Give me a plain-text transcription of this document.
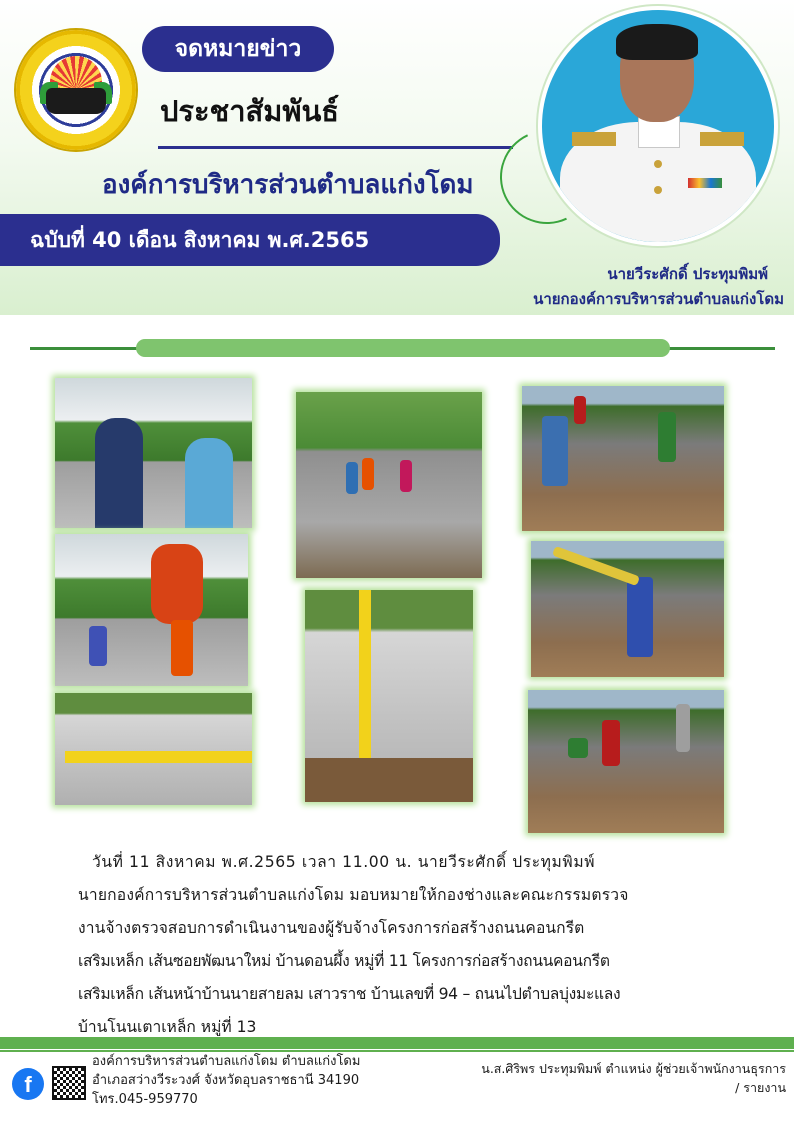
จดหมายข่าว
ประชาสัมพันธ์
องค์การบริหารส่วนตำบลแก่งโดม
ฉบับที่ 40 เดือน สิงหาคม พ.ศ.2565
นายวีระศักดิ์ ประทุมพิมพ์
นายกองค์การบริหารส่วนตำบลแก่งโดม

วันที่ 11 สิงหาคม พ.ศ.2565 เวลา 11.00 น. นายวีระศักดิ์ ประทุมพิมพ์

นายกองค์การบริหารส่วนตำบลแก่งโดม มอบหมายให้กองช่างและคณะกรรมตรวจ

งานจ้างตรวจสอบการดำเนินงานของผู้รับจ้างโครงการก่อสร้างถนนคอนกรีต

เสริมเหล็ก เส้นซอยพัฒนาใหม่ บ้านดอนผึ้ง หมู่ที่ 11 โครงการก่อสร้างถนนคอนกรีต

เสริมเหล็ก เส้นหน้าบ้านนายสายลม เสาวราช บ้านเลขที่ 94 – ถนนไปตำบลบุ่งมะแลง

บ้านโนนเตาเหล็ก หมู่ที่ 13

f
องค์การบริหารส่วนตำบลแก่งโดม ตำบลแก่งโดม
อำเภอสว่างวีระวงศ์ จังหวัดอุบลราชธานี 34190
โทร.045-959770
น.ส.ศิริพร ประทุมพิมพ์ ตำแหน่ง ผู้ช่วยเจ้าพนักงานธุรการ
/ รายงาน
